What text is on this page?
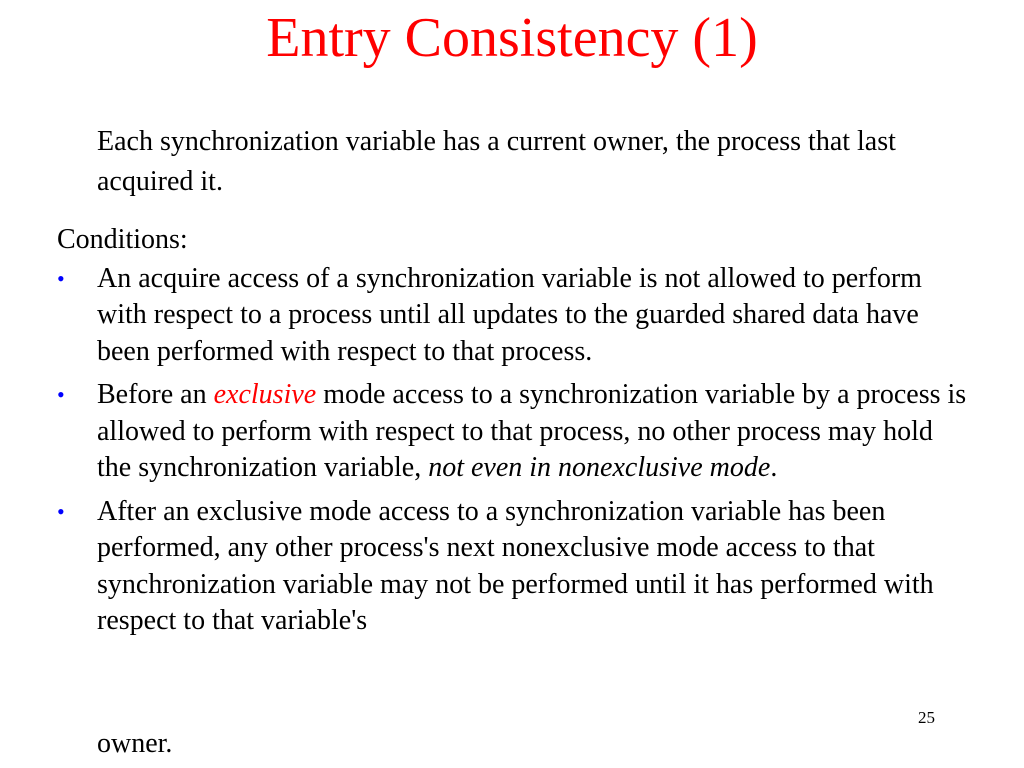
Entry Consistency (1)
Each synchronization variable has a current owner, the process that last acquired it.
Conditions:
•	An acquire access of a synchronization variable is not allowed to perform with respect to a process until all updates to the guarded shared data have been performed with respect to that process.
•	Before an exclusive mode access to a synchronization variable by a process is allowed to perform with respect to that process, no other process may hold the synchronization variable, not even in nonexclusive mode.
•	After an exclusive mode access to a synchronization variable has been performed, any other process's next nonexclusive mode access to that synchronization variable may not be performed until it has performed with respect to that variable's
owner.
25
